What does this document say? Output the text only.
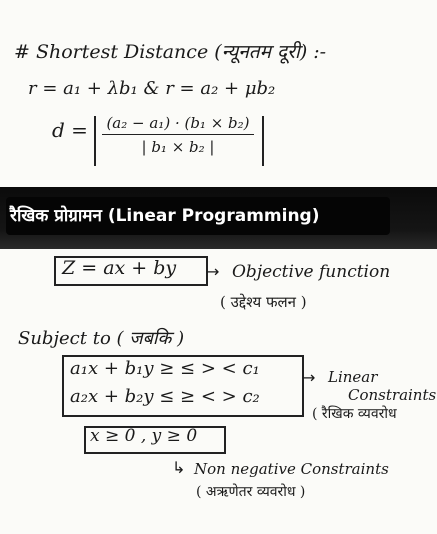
# Shortest Distance (न्यूनतम दूरी) :-
r = a₁ + λb₁ & r = a₂ + μb₂
$d = \frac{\text{(a₂ − a₁) · (b₁ × b₂)}}{\text{| b₁ × b₂ |}}$
रैखिक प्रोग्रामन (Linear Programming)
Z = ax + by → Objective function
( उद्देश्य फलन )
Subject to ( जबकि )
a₁x + b₁y ≥ ≤ > < c₁
a₂x + b₂y ≤ ≥ < > c₂
→ Linear
Constraints
( रैखिक व्यवरोध
x ≥ 0 , y ≥ 0
↳ Non negative Constraints
( अऋणेतर व्यवरोध )
